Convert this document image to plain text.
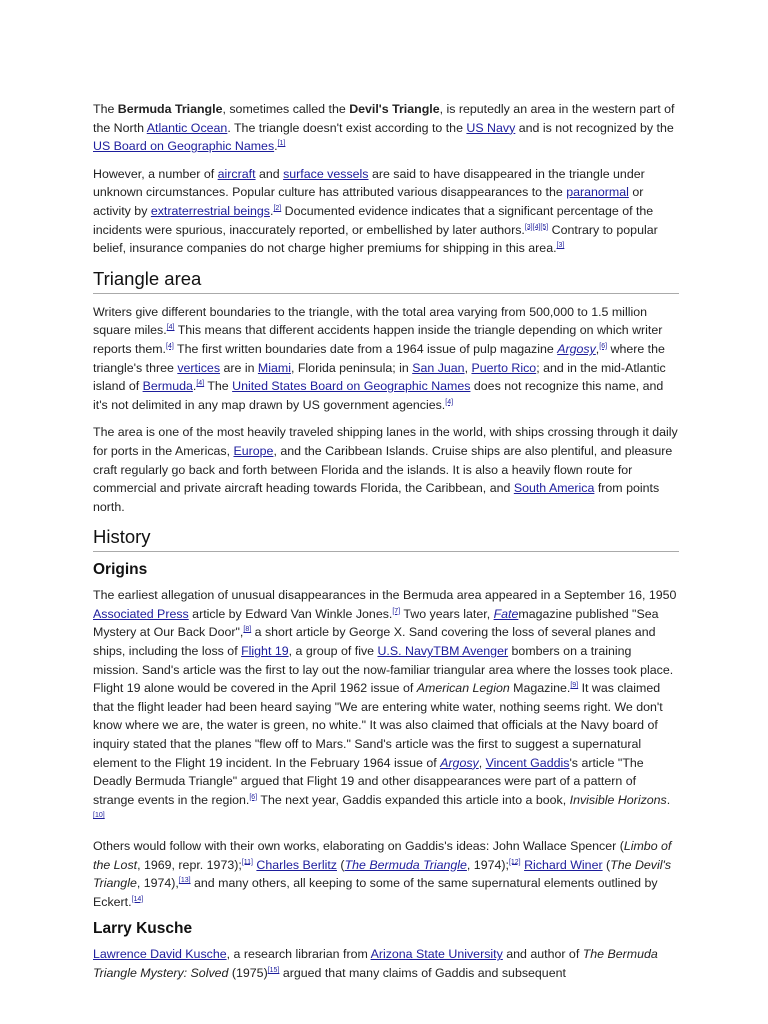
The Bermuda Triangle, sometimes called the Devil's Triangle, is reputedly an area in the western part of the North Atlantic Ocean. The triangle doesn't exist according to the US Navy and is not recognized by the US Board on Geographic Names.[1]

However, a number of aircraft and surface vessels are said to have disappeared in the triangle under unknown circumstances. Popular culture has attributed various disappearances to the paranormal or activity by extraterrestrial beings.[2] Documented evidence indicates that a significant percentage of the incidents were spurious, inaccurately reported, or embellished by later authors.[3][4][5] Contrary to popular belief, insurance companies do not charge higher premiums for shipping in this area.[3]

Triangle area

Writers give different boundaries to the triangle, with the total area varying from 500,000 to 1.5 million square miles.[4] This means that different accidents happen inside the triangle depending on which writer reports them.[4] The first written boundaries date from a 1964 issue of pulp magazine Argosy,[6] where the triangle's three vertices are in Miami, Florida peninsula; in San Juan, Puerto Rico; and in the mid-Atlantic island of Bermuda.[4] The United States Board on Geographic Names does not recognize this name, and it's not delimited in any map drawn by US government agencies.[4]

The area is one of the most heavily traveled shipping lanes in the world, with ships crossing through it daily for ports in the Americas, Europe, and the Caribbean Islands. Cruise ships are also plentiful, and pleasure craft regularly go back and forth between Florida and the islands. It is also a heavily flown route for commercial and private aircraft heading towards Florida, the Caribbean, and South America from points north.

History
Origins

The earliest allegation of unusual disappearances in the Bermuda area appeared in a September 16, 1950 Associated Press article by Edward Van Winkle Jones.[7] Two years later, Fatemagazine published "Sea Mystery at Our Back Door",[8] a short article by George X. Sand covering the loss of several planes and ships, including the loss of Flight 19, a group of five U.S. NavyTBM Avenger bombers on a training mission. Sand's article was the first to lay out the now-familiar triangular area where the losses took place. Flight 19 alone would be covered in the April 1962 issue of American Legion Magazine.[9] It was claimed that the flight leader had been heard saying "We are entering white water, nothing seems right. We don't know where we are, the water is green, no white." It was also claimed that officials at the Navy board of inquiry stated that the planes "flew off to Mars." Sand's article was the first to suggest a supernatural element to the Flight 19 incident. In the February 1964 issue of Argosy, Vincent Gaddis's article "The Deadly Bermuda Triangle" argued that Flight 19 and other disappearances were part of a pattern of strange events in the region.[6] The next year, Gaddis expanded this article into a book, Invisible Horizons.[10]

Others would follow with their own works, elaborating on Gaddis's ideas: John Wallace Spencer (Limbo of the Lost, 1969, repr. 1973);[11] Charles Berlitz (The Bermuda Triangle, 1974);[12] Richard Winer (The Devil's Triangle, 1974),[13] and many others, all keeping to some of the same supernatural elements outlined by Eckert.[14]

Larry Kusche

Lawrence David Kusche, a research librarian from Arizona State University and author of The Bermuda Triangle Mystery: Solved (1975)[15] argued that many claims of Gaddis and subsequent
